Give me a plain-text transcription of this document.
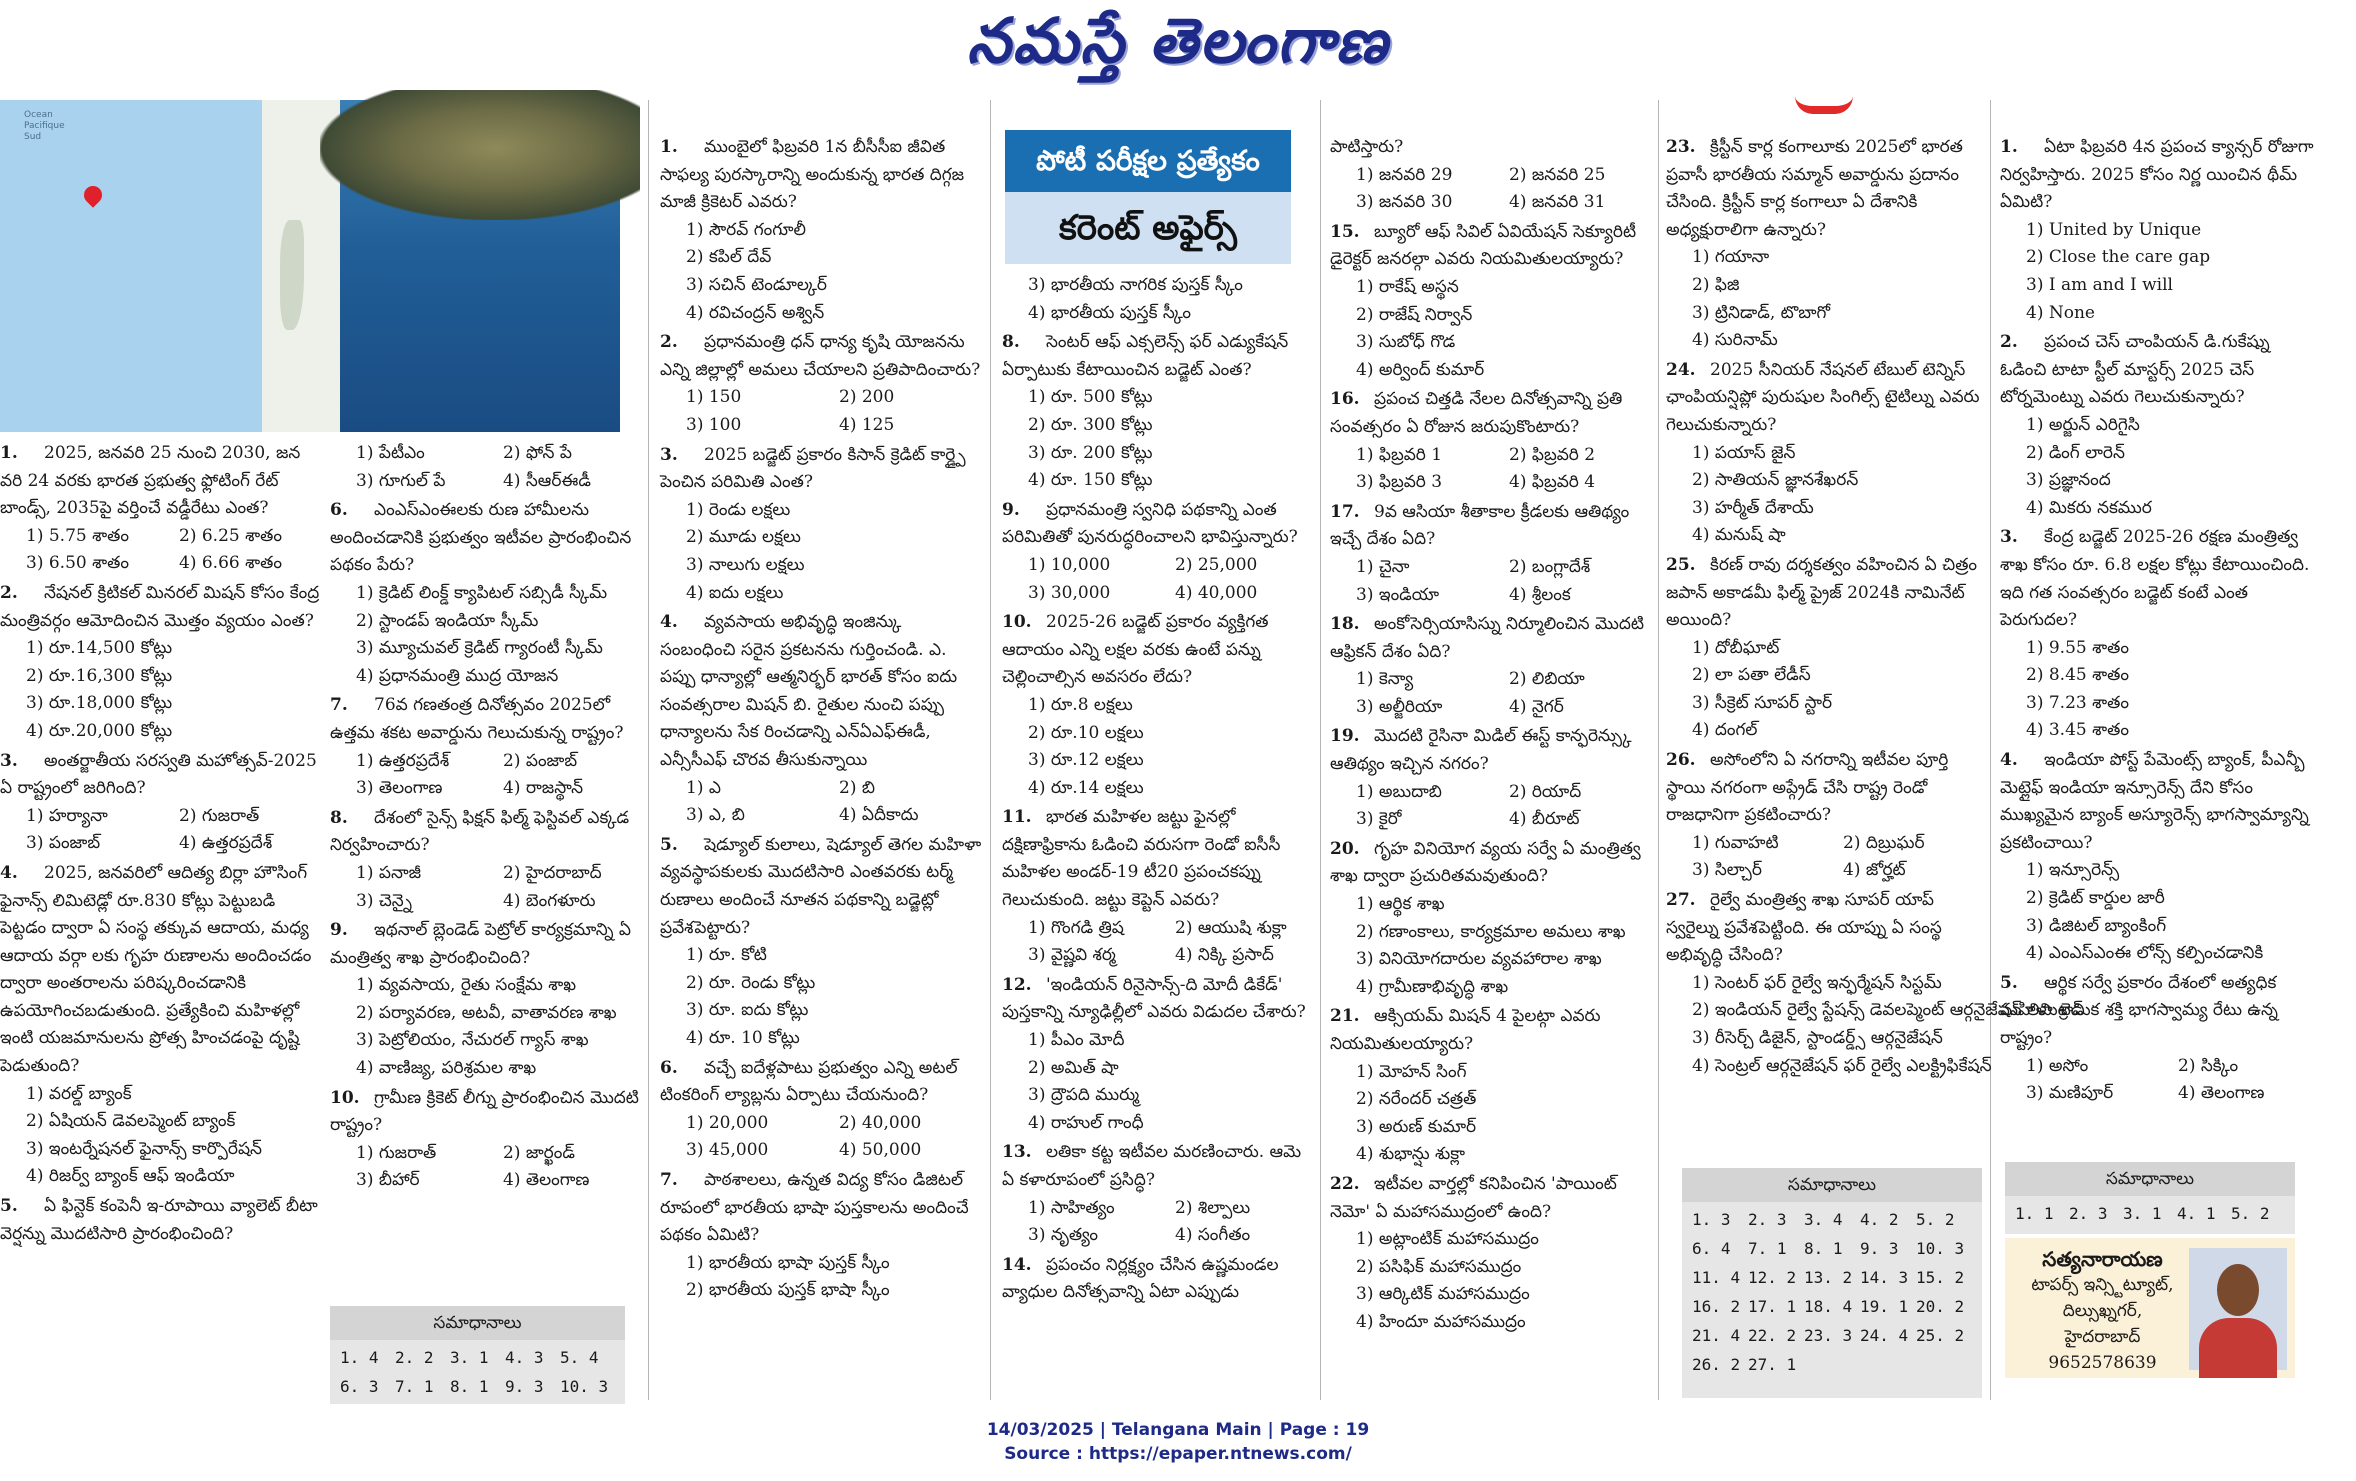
నమస్తే తెలంగాణ
Ocean
Pacifique
Sud
1. 2025, జనవరి 25 నుంచి 2030, జన వరి 24 వరకు భారత ప్రభుత్వ ఫ్లోటింగ్ రేట్ బాండ్స్, 2035పై వర్తించే వడ్డీరేటు ఎంత?
1) 5.75 శాతం	2) 6.25 శాతం
3) 6.50 శాతం	4) 6.66 శాతం
2. నేషనల్ క్రిటికల్ మినరల్ మిషన్ కోసం కేంద్ర మంత్రివర్గం ఆమోదించిన మొత్తం వ్యయం ఎంత?
1) రూ.14,500 కోట్లు
2) రూ.16,300 కోట్లు
3) రూ.18,000 కోట్లు
4) రూ.20,000 కోట్లు
3. అంతర్జాతీయ సరస్వతి మహోత్సవ్-2025 ఏ రాష్ట్రంలో జరిగింది?
1) హర్యానా	2) గుజరాత్
3) పంజాబ్	4) ఉత్తరప్రదేశ్
4. 2025, జనవరిలో ఆదిత్య బిర్లా హౌసింగ్ ఫైనాన్స్ లిమిటెడ్లో రూ.830 కోట్లు పెట్టుబడి పెట్టడం ద్వారా ఏ సంస్థ తక్కువ ఆదాయ, మధ్య ఆదాయ వర్గా లకు గృహ రుణాలను అందించడం ద్వారా అంతరాలను పరిష్కరించడానికి ఉపయోగించబడుతుంది. ప్రత్యేకించి మహిళల్లో ఇంటి యజమానులను ప్రోత్స హించడంపై దృష్టి పెడుతుంది?
1) వరల్డ్ బ్యాంక్
2) ఏషియన్ డెవలప్మెంట్ బ్యాంక్
3) ఇంటర్నేషనల్ ఫైనాన్స్ కార్పొరేషన్
4) రిజర్వ్ బ్యాంక్ ఆఫ్ ఇండియా
5. ఏ ఫిన్టెక్ కంపెనీ ఇ-రూపాయి వ్యాలెట్ బీటా వెర్షన్ను మొదటిసారి ప్రారంభించింది?
1) పేటీఎం	2) ఫోన్ పే
3) గూగుల్ పే	4) సీఆర్ఈడీ
6. ఎంఎస్ఎంఈలకు రుణ హామీలను అందించడానికి ప్రభుత్వం ఇటీవల ప్రారంభించిన పథకం పేరు?
1) క్రెడిట్ లింక్డ్ క్యాపిటల్ సబ్సిడీ స్కీమ్
2) స్టాండప్ ఇండియా స్కీమ్
3) మ్యూచువల్ క్రెడిట్ గ్యారంటీ స్కీమ్
4) ప్రధానమంత్రి ముద్ర యోజన
7. 76వ గణతంత్ర దినోత్సవం 2025లో ఉత్తమ శకట అవార్డును గెలుచుకున్న రాష్ట్రం?
1) ఉత్తరప్రదేశ్	2) పంజాబ్
3) తెలంగాణ	4) రాజస్థాన్
8. దేశంలో సైన్స్ ఫిక్షన్ ఫిల్మ్ ఫెస్టివల్ ఎక్కడ నిర్వహించారు?
1) పనాజీ	2) హైదరాబాద్
3) చెన్నై	4) బెంగళూరు
9. ఇథనాల్ బ్లెండెడ్ పెట్రోల్ కార్యక్రమాన్ని ఏ మంత్రిత్వ శాఖ ప్రారంభించింది?
1) వ్యవసాయ, రైతు సంక్షేమ శాఖ
2) పర్యావరణ, అటవీ, వాతావరణ శాఖ
3) పెట్రోలియం, నేచురల్ గ్యాస్ శాఖ
4) వాణిజ్య, పరిశ్రమల శాఖ
10. గ్రామీణ క్రికెట్ లీగ్ను ప్రారంభించిన మొదటి రాష్ట్రం?
1) గుజరాత్	2) జార్ఖండ్
3) బీహార్	4) తెలంగాణ
1. ముంబైలో ఫిబ్రవరి 1న బీసీసీఐ జీవిత సాఫల్య పురస్కారాన్ని అందుకున్న భారత దిగ్గజ మాజీ క్రికెటర్ ఎవరు?
1) సౌరవ్ గంగూలీ
2) కపిల్ దేవ్
3) సచిన్ టెండూల్కర్
4) రవిచంద్రన్ అశ్విన్
2. ప్రధానమంత్రి ధన్ ధాన్య కృషి యోజనను ఎన్ని జిల్లాల్లో అమలు చేయాలని ప్రతిపాదించారు?
1) 150	2) 200
3) 100	4) 125
3. 2025 బడ్జెట్ ప్రకారం కిసాన్ క్రెడిట్ కార్డ్పై పెంచిన పరిమితి ఎంత?
1) రెండు లక్షలు
2) మూడు లక్షలు
3) నాలుగు లక్షలు
4) ఐదు లక్షలు
4. వ్యవసాయ అభివృద్ధి ఇంజిన్కు సంబంధించి సరైన ప్రకటనను గుర్తించండి. ఎ. పప్పు ధాన్యాల్లో ఆత్మనిర్భర్ భారత్ కోసం ఐదు సంవత్సరాల మిషన్ బి. రైతుల నుంచి పప్పు ధాన్యాలను సేక రించడాన్ని ఎన్ఏఎఫ్ఈడీ, ఎన్సీసీఎఫ్ చొరవ తీసుకున్నాయి
1) ఎ	2) బి
3) ఎ, బి	4) ఏదీకాదు
5. షెడ్యూల్ కులాలు, షెడ్యూల్ తెగల మహిళా వ్యవస్థాపకులకు మొదటిసారి ఎంతవరకు టర్మ్ రుణాలు అందించే నూతన పథకాన్ని బడ్జెట్లో ప్రవేశపెట్టారు?
1) రూ. కోటి
2) రూ. రెండు కోట్లు
3) రూ. ఐదు కోట్లు
4) రూ. 10 కోట్లు
6. వచ్చే ఐదేళ్లపాటు ప్రభుత్వం ఎన్ని అటల్ టింకరింగ్ ల్యాబ్లను ఏర్పాటు చేయనుంది?
1) 20,000	2) 40,000
3) 45,000	4) 50,000
7. పాఠశాలలు, ఉన్నత విద్య కోసం డిజిటల్ రూపంలో భారతీయ భాషా పుస్తకాలను అందించే పథకం ఏమిటి?
1) భారతీయ భాషా పుస్తక్ స్కీం
2) భారతీయ పుస్తక్ భాషా స్కీం
3) భారతీయ నాగరిక పుస్తక్ స్కీం
4) భారతీయ పుస్తక్ స్కీం
8. సెంటర్ ఆఫ్ ఎక్సలెన్స్ ఫర్ ఎడ్యుకేషన్ ఏర్పాటుకు కేటాయించిన బడ్జెట్ ఎంత?
1) రూ. 500 కోట్లు
2) రూ. 300 కోట్లు
3) రూ. 200 కోట్లు
4) రూ. 150 కోట్లు
9. ప్రధానమంత్రి స్వనిధి పథకాన్ని ఎంత పరిమితితో పునరుద్ధరించాలని భావిస్తున్నారు?
1) 10,000	2) 25,000
3) 30,000	4) 40,000
10. 2025-26 బడ్జెట్ ప్రకారం వ్యక్తిగత ఆదాయం ఎన్ని లక్షల వరకు ఉంటే పన్ను చెల్లించాల్సిన అవసరం లేదు?
1) రూ.8 లక్షలు
2) రూ.10 లక్షలు
3) రూ.12 లక్షలు
4) రూ.14 లక్షలు
11. భారత మహిళల జట్టు ఫైనల్లో దక్షిణాఫ్రికాను ఓడించి వరుసగా రెండో ఐసీసీ మహిళల అండర్-19 టీ20 ప్రపంచకప్ను గెలుచుకుంది. జట్టు కెప్టెన్ ఎవరు?
1) గొంగడి త్రిష	2) ఆయుషి శుక్లా
3) వైష్ణవి శర్మ	4) నిక్కి ప్రసాద్
12. 'ఇండియన్ రినైసాన్స్-ది మోదీ డికేడ్' పుస్తకాన్ని న్యూఢిల్లీలో ఎవరు విడుదల చేశారు?
1) పీఎం మోదీ
2) అమిత్ షా
3) ద్రౌపది ముర్ము
4) రాహుల్ గాంధీ
13. లతికా కట్ట ఇటీవల మరణించారు. ఆమె ఏ కళారూపంలో ప్రసిద్ధి?
1) సాహిత్యం	2) శిల్పాలు
3) నృత్యం	4) సంగీతం
14. ప్రపంచం నిర్లక్ష్యం చేసిన ఉష్ణమండల వ్యాధుల దినోత్సవాన్ని ఏటా ఎప్పుడు
పాటిస్తారు?
1) జనవరి 29	2) జనవరి 25
3) జనవరి 30	4) జనవరి 31
15. బ్యూరో ఆఫ్ సివిల్ ఏవియేషన్ సెక్యూరిటీ డైరెక్టర్ జనరల్గా ఎవరు నియమితులయ్యారు?
1) రాకేష్ అస్థన
2) రాజేష్ నిర్వాన్
3) సుబోధ్ గొడ
4) అర్వింద్ కుమార్
16. ప్రపంచ చిత్తడి నేలల దినోత్సవాన్ని ప్రతి సంవత్సరం ఏ రోజున జరుపుకొంటారు?
1) ఫిబ్రవరి 1	2) ఫిబ్రవరి 2
3) ఫిబ్రవరి 3	4) ఫిబ్రవరి 4
17. 9వ ఆసియా శీతాకాల క్రీడలకు ఆతిథ్యం ఇచ్చే దేశం ఏది?
1) చైనా	2) బంగ్లాదేశ్
3) ఇండియా	4) శ్రీలంక
18. అంకోసెర్సియాసిస్ను నిర్మూలించిన మొదటి ఆఫ్రికన్ దేశం ఏది?
1) కెన్యా	2) లిబియా
3) అల్జీరియా	4) నైగర్
19. మొదటి రైసినా మిడిల్ ఈస్ట్ కాన్ఫరెన్స్కు ఆతిథ్యం ఇచ్చిన నగరం?
1) అబుదాబి	2) రియాద్
3) కైరో	4) బీరూట్
20. గృహ వినియోగ వ్యయ సర్వే ఏ మంత్రిత్వ శాఖ ద్వారా ప్రచురితమవుతుంది?
1) ఆర్థిక శాఖ
2) గణాంకాలు, కార్యక్రమాల అమలు శాఖ
3) వినియోగదారుల వ్యవహారాల శాఖ
4) గ్రామీణాభివృద్ధి శాఖ
21. ఆక్సియమ్ మిషన్ 4 పైలట్గా ఎవరు నియమితులయ్యారు?
1) మోహన్ సింగ్
2) నరేందర్ చత్రత్
3) అరుణ్ కుమార్
4) శుభాన్షు శుక్లా
22. ఇటీవల వార్తల్లో కనిపించిన 'పాయింట్ నెమో' ఏ మహాసముద్రంలో ఉంది?
1) అట్లాంటిక్ మహాసముద్రం
2) పసిఫిక్ మహాసముద్రం
3) ఆర్కిటిక్ మహాసముద్రం
4) హిందూ మహాసముద్రం
23. క్రిస్టీన్ కార్ల కంగాలూకు 2025లో భారత ప్రవాసీ భారతీయ సమ్మాన్ అవార్డును ప్రదానం చేసింది. క్రిస్టీన్ కార్ల కంగాలూ ఏ దేశానికి అధ్యక్షురాలిగా ఉన్నారు?
1) గయానా
2) ఫిజి
3) ట్రినిడాడ్, టొబాగో
4) సురినామ్
24. 2025 సీనియర్ నేషనల్ టేబుల్ టెన్నిస్ ఛాంపియన్షిప్లో పురుషుల సింగిల్స్ టైటిల్ను ఎవరు గెలుచుకున్నారు?
1) పయాస్ జైన్
2) సాతియన్ జ్ఞానశేఖరన్
3) హర్మీత్ దేశాయ్
4) మనుష్ షా
25. కిరణ్ రావు దర్శకత్వం వహించిన ఏ చిత్రం జపాన్ అకాడమీ ఫిల్మ్ ప్రైజ్ 2024కి నామినేట్ అయింది?
1) దోబీఘాట్
2) లా పతా లేడీస్
3) సీక్రెట్ సూపర్ స్టార్
4) దంగల్
26. అసోంలోని ఏ నగరాన్ని ఇటీవల పూర్తి స్థాయి నగరంగా అప్గ్రేడ్ చేసి రాష్ట్ర రెండో రాజధానిగా ప్రకటించారు?
1) గువాహటి	2) దిబ్రుఘర్
3) సిల్చార్	4) జోర్హట్
27. రైల్వే మంత్రిత్వ శాఖ సూపర్ యాప్ స్వరైల్ను ప్రవేశపెట్టింది. ఈ యాప్ను ఏ సంస్థ అభివృద్ధి చేసింది?
1) సెంటర్ ఫర్ రైల్వే ఇన్ఫర్మేషన్ సిస్టమ్
2) ఇండియన్ రైల్వే స్టేషన్స్ డెవలప్మెంట్ ఆర్గనైజేషన్ లిమిటెడ్
3) రీసెర్చ్ డిజైన్, స్టాండర్డ్స్ ఆర్గనైజేషన్
4) సెంట్రల్ ఆర్గనైజేషన్ ఫర్ రైల్వే ఎలక్ట్రిఫికేషన్
1. ఏటా ఫిబ్రవరి 4న ప్రపంచ క్యాన్సర్ రోజుగా నిర్వహిస్తారు. 2025 కోసం నిర్ణ యించిన థీమ్ ఏమిటి?
1) United by Unique
2) Close the care gap
3) I am and I will
4) None
2. ప్రపంచ చెస్ చాంపియన్ డి.గుకేష్ను ఓడించి టాటా స్టీల్ మాస్టర్స్ 2025 చెస్ టోర్నమెంట్ను ఎవరు గెలుచుకున్నారు?
1) అర్జున్ ఎరిగైసి
2) డింగ్ లారెన్
3) ప్రజ్ఞానంద
4) మికరు నకముర
3. కేంద్ర బడ్జెట్ 2025-26 రక్షణ మంత్రిత్వ శాఖ కోసం రూ. 6.8 లక్షల కోట్లు కేటాయించింది. ఇది గత సంవత్సరం బడ్జెట్ కంటే ఎంత పెరుగుదల?
1) 9.55 శాతం
2) 8.45 శాతం
3) 7.23 శాతం
4) 3.45 శాతం
4. ఇండియా పోస్ట్ పేమెంట్స్ బ్యాంక్, పీఎన్బీ మెట్లైఫ్ ఇండియా ఇన్సూరెన్స్ దేని కోసం ముఖ్యమైన బ్యాంక్ అస్యూరెన్స్ భాగస్వామ్యాన్ని ప్రకటించాయి?
1) ఇన్సూరెన్స్
2) క్రెడిట్ కార్డుల జారీ
3) డిజిటల్ బ్యాంకింగ్
4) ఎంఎస్ఎంఈ లోన్స్ కల్పించడానికి
5. ఆర్థిక సర్వే ప్రకారం దేశంలో అత్యధిక మహిళా శ్రామిక శక్తి భాగస్వామ్య రేటు ఉన్న రాష్ట్రం?
1) అసోం	2) సిక్కిం
3) మణిపూర్	4) తెలంగాణ
పోటీ పరీక్షల ప్రత్యేకం
కరెంట్ అఫైర్స్
సమాధానాలు
1. 4	2. 2	3. 1	4. 3	5. 4
6. 3	7. 1	8. 1	9. 3	10. 3
సమాధానాలు
1. 3	2. 3	3. 4	4. 2	5. 2
6. 4	7. 1	8. 1	9. 3	10. 3
11. 4 12. 2 13. 2 14. 3 15. 2
16. 2 17. 1 18. 4 19. 1 20. 2
21. 4 22. 2 23. 3 24. 4 25. 2
26. 2 27. 1
సమాధానాలు
1. 1 2. 3 3. 1 4. 1 5. 2
సత్యనారాయణ
టాపర్స్ ఇన్స్టిట్యూట్,
దిల్సుఖ్నగర్,
హైదరాబాద్
9652578639
14/03/2025 | Telangana Main | Page : 19
Source : https://epaper.ntnews.com/
